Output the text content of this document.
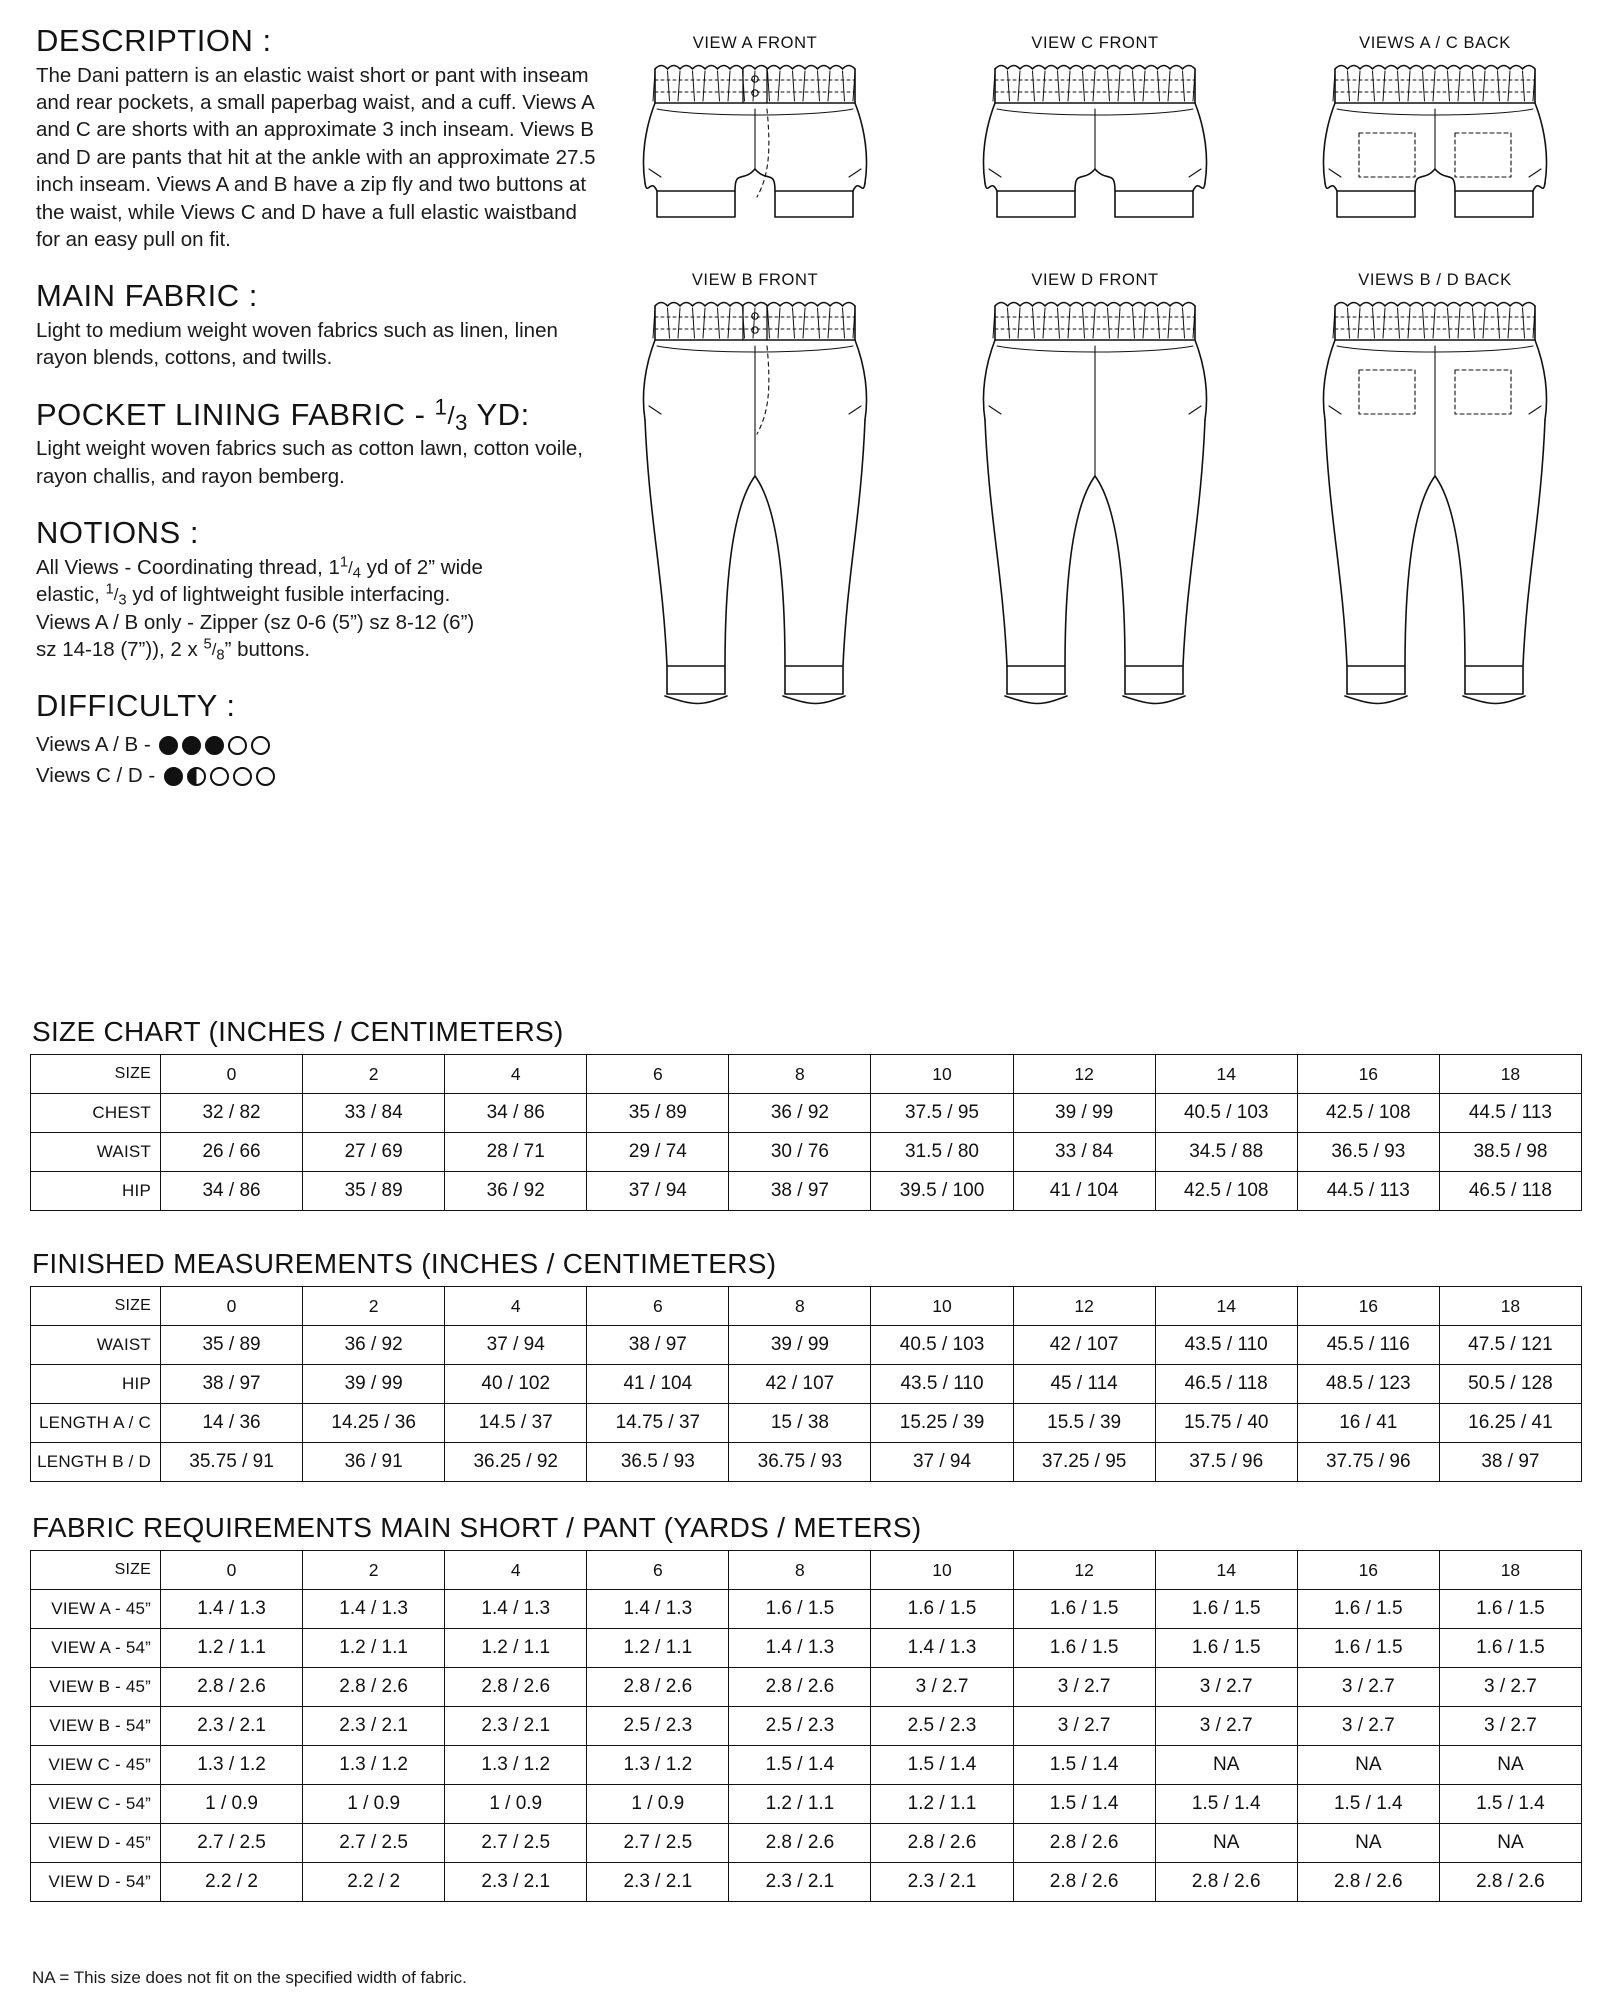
DESCRIPTION :

The Dani pattern is an elastic waist short or pant with inseam and rear pockets, a small paperbag waist, and a cuff. Views A and C are shorts with an approximate 3 inch inseam. Views B and D are pants that hit at the ankle with an approximate 27.5 inch inseam. Views A and B have a zip fly and two buttons at the waist, while Views C and D have a full elastic waistband for an easy pull on fit.

MAIN FABRIC :

Light to medium weight woven fabrics such as linen, linen rayon blends, cottons, and twills.

POCKET LINING FABRIC - $^1/_3$ YD:

Light weight woven fabrics such as cotton lawn, cotton voile, rayon challis, and rayon bemberg.

NOTIONS :

All Views - Coordinating thread, $1^1/_4$ yd of 2” wide
elastic, $^1/_3$ yd of lightweight fusible interfacing.
Views A / B only - Zipper (sz 0-6 (5”) sz 8-12 (6”)
sz 14-18 (7”)), 2 x $^5/_8$” buttons.

DIFFICULTY :
Views A / B -
Views C / D -
VIEW A FRONT	VIEW C FRONT	VIEWS A / C BACK
VIEW B FRONT	VIEW D FRONT	VIEWS B / D BACK
SIZE CHART (INCHES / CENTIMETERS)
SIZE	0	2	4	6	8	10	12	14	16	18
CHEST	32 / 82	33 / 84	34 / 86	35 / 89	36 / 92	37.5 / 95	39 / 99	40.5 / 103	42.5 / 108	44.5 / 113
WAIST	26 / 66	27 / 69	28 / 71	29 / 74	30 / 76	31.5 / 80	33 / 84	34.5 / 88	36.5 / 93	38.5 / 98
HIP	34 / 86	35 / 89	36 / 92	37 / 94	38 / 97	39.5 / 100	41 / 104	42.5 / 108	44.5 / 113	46.5 / 118
FINISHED MEASUREMENTS (INCHES / CENTIMETERS)
SIZE	0	2	4	6	8	10	12	14	16	18
WAIST	35 / 89	36 / 92	37 / 94	38 / 97	39 / 99	40.5 / 103	42 / 107	43.5 / 110	45.5 / 116	47.5 / 121
HIP	38 / 97	39 / 99	40 / 102	41 / 104	42 / 107	43.5 / 110	45 / 114	46.5 / 118	48.5 / 123	50.5 / 128
LENGTH A / C	14 / 36	14.25 / 36	14.5 / 37	14.75 / 37	15 / 38	15.25 / 39	15.5 / 39	15.75 / 40	16 / 41	16.25 / 41
LENGTH B / D	35.75 / 91	36 / 91	36.25 / 92	36.5 / 93	36.75 / 93	37 / 94	37.25 / 95	37.5 / 96	37.75 / 96	38 / 97
FABRIC REQUIREMENTS MAIN SHORT / PANT (YARDS / METERS)
SIZE	0	2	4	6	8	10	12	14	16	18
VIEW A - 45”	1.4 / 1.3	1.4 / 1.3	1.4 / 1.3	1.4 / 1.3	1.6 / 1.5	1.6 / 1.5	1.6 / 1.5	1.6 / 1.5	1.6 / 1.5	1.6 / 1.5
VIEW A - 54”	1.2 / 1.1	1.2 / 1.1	1.2 / 1.1	1.2 / 1.1	1.4 / 1.3	1.4 / 1.3	1.6 / 1.5	1.6 / 1.5	1.6 / 1.5	1.6 / 1.5
VIEW B - 45”	2.8 / 2.6	2.8 / 2.6	2.8 / 2.6	2.8 / 2.6	2.8 / 2.6	3 / 2.7	3 / 2.7	3 / 2.7	3 / 2.7	3 / 2.7
VIEW B - 54”	2.3 / 2.1	2.3 / 2.1	2.3 / 2.1	2.5 / 2.3	2.5 / 2.3	2.5 / 2.3	3 / 2.7	3 / 2.7	3 / 2.7	3 / 2.7
VIEW C - 45”	1.3 / 1.2	1.3 / 1.2	1.3 / 1.2	1.3 / 1.2	1.5 / 1.4	1.5 / 1.4	1.5 / 1.4	NA	NA	NA
VIEW C - 54”	1 / 0.9	1 / 0.9	1 / 0.9	1 / 0.9	1.2 / 1.1	1.2 / 1.1	1.5 / 1.4	1.5 / 1.4	1.5 / 1.4	1.5 / 1.4
VIEW D - 45”	2.7 / 2.5	2.7 / 2.5	2.7 / 2.5	2.7 / 2.5	2.8 / 2.6	2.8 / 2.6	2.8 / 2.6	NA	NA	NA
VIEW D - 54”	2.2 / 2	2.2 / 2	2.3 / 2.1	2.3 / 2.1	2.3 / 2.1	2.3 / 2.1	2.8 / 2.6	2.8 / 2.6	2.8 / 2.6	2.8 / 2.6
NA = This size does not fit on the specified width of fabric.
